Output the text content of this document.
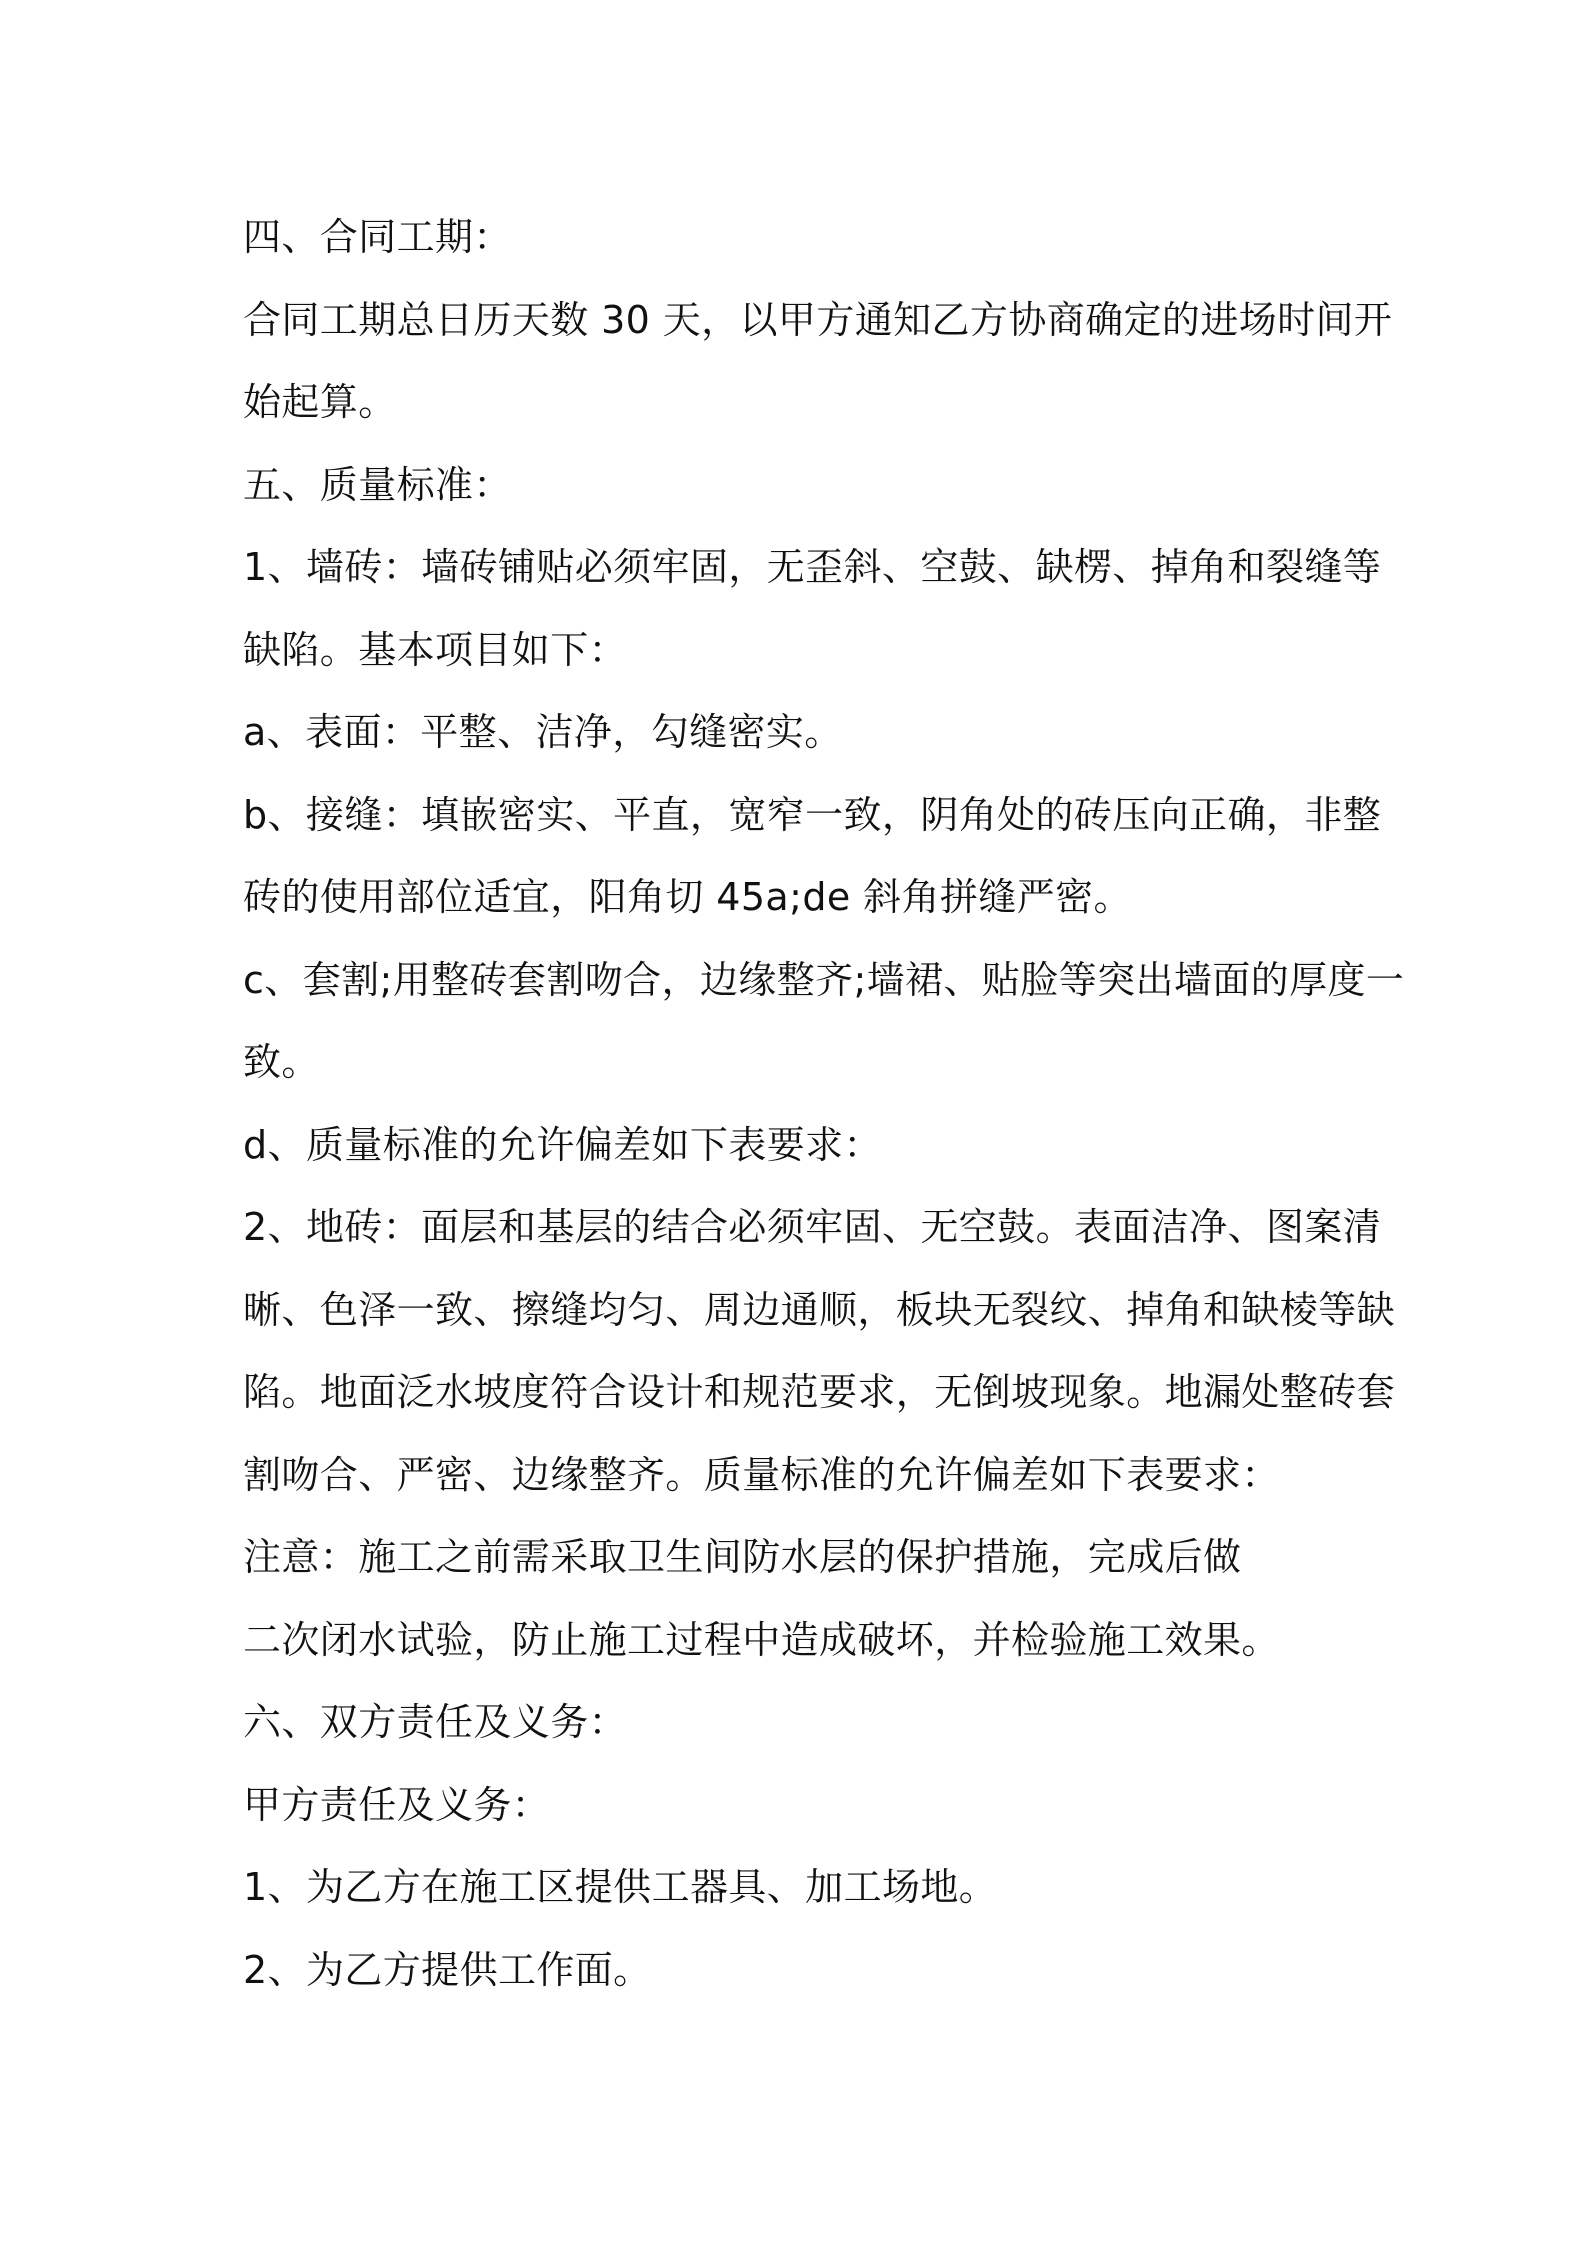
四、合同工期：

合同工期总日历天数 30 天，以甲方通知乙方协商确定的进场时间开

始起算。

五、质量标准：

1、墙砖：墙砖铺贴必须牢固，无歪斜、空鼓、缺楞、掉角和裂缝等

缺陷。基本项目如下：

a、表面：平整、洁净，勾缝密实。

b、接缝：填嵌密实、平直，宽窄一致，阴角处的砖压向正确，非整

砖的使用部位适宜，阳角切 45a;de 斜角拼缝严密。

c、套割;用整砖套割吻合，边缘整齐;墙裙、贴脸等突出墙面的厚度一

致。

d、质量标准的允许偏差如下表要求：

2、地砖：面层和基层的结合必须牢固、无空鼓。表面洁净、图案清

晰、色泽一致、擦缝均匀、周边通顺，板块无裂纹、掉角和缺棱等缺

陷。地面泛水坡度符合设计和规范要求，无倒坡现象。地漏处整砖套

割吻合、严密、边缘整齐。质量标准的允许偏差如下表要求：

注意：施工之前需采取卫生间防水层的保护措施，完成后做

二次闭水试验，防止施工过程中造成破坏，并检验施工效果。

六、双方责任及义务：

甲方责任及义务：

1、为乙方在施工区提供工器具、加工场地。

2、为乙方提供工作面。
